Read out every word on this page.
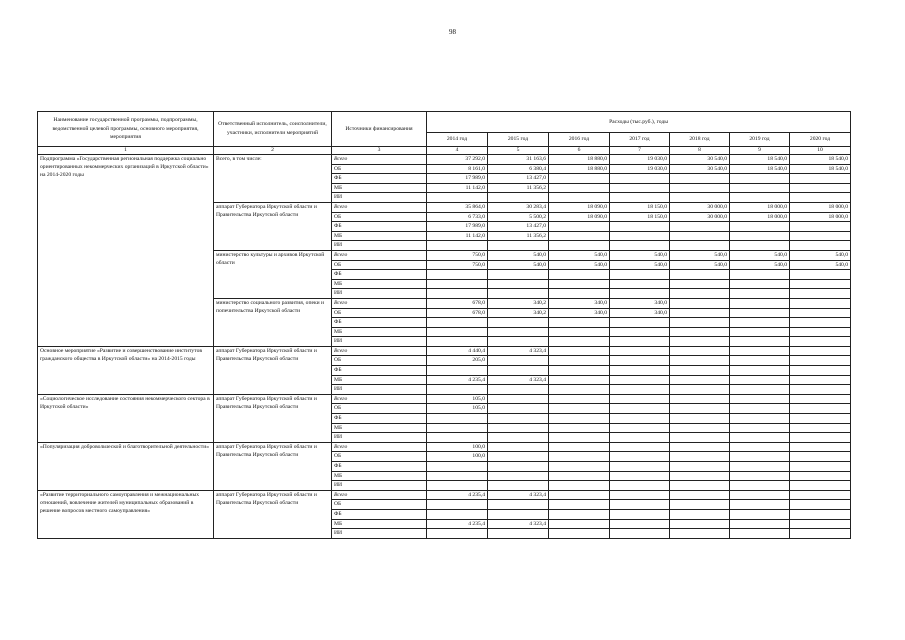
98
Наименование государственной программы, подпрограммы, ведомственной целевой программы, основного мероприятия, мероприятия	Ответственный исполнитель, соисполнители, участники, исполнители мероприятий	Источники финансирования	Расходы (тыс.руб.), годы						
			2014 год	2015 год	2016 год	2017 год	2018 год	2019 год	2020 год
1	2	3	4	5	6	7	8	9	10
Подпрограмма «Государственная региональная поддержка социально ориентированных некоммерческих организаций в Иркутской области» на 2014-2020 годы	Всего, в том числе:	Всего	37 292,0	31 163,6	18 880,0	19 030,0	30 540,0	18 540,0	18 540,0
		ОБ	8 161,0	6 380,4	18 880,0	19 030,0	30 540,0	18 540,0	18 540,0
		ФБ	17 989,0	13 427,0					
		МБ	11 142,0	11 356,2					
		ИИ							
	аппарат Губернатора Иркутской области и Правительства Иркутской области	Всего	35 864,0	30 283,4	18 090,0	18 150,0	30 000,0	18 000,0	18 000,0
		ОБ	6 733,0	5 500,2	18 090,0	18 150,0	30 000,0	18 000,0	18 000,0
		ФБ	17 989,0	13 427,0					
		МБ	11 142,0	11 356,2					
		ИИ							
	министерство культуры и архивов Иркутской области	Всего	750,0	540,0	540,0	540,0	540,0	540,0	540,0
		ОБ	750,0	540,0	540,0	540,0	540,0	540,0	540,0
		ФБ							
		МБ							
		ИИ							
	министерство социального развития, опеки и попечительства Иркутской области	Всего	678,0	340,2	340,0	340,0			
		ОБ	678,0	340,2	340,0	340,0			
		ФБ							
		МБ							
		ИИ							
Основное мероприятие «Развитие и совершенствование институтов гражданского общества в Иркутской области» на 2014-2015 годы	аппарат Губернатора Иркутской области и Правительства Иркутской области	Всего	4 440,4	4 323,4					
		ОБ	205,0						
		ФБ							
		МБ	4 235,4	4 323,4					
		ИИ							
«Социологическое исследование состояния некоммерческого сектора в Иркутской области»	аппарат Губернатора Иркутской области и Правительства Иркутской области	Всего	105,0						
		ОБ	105,0						
		ФБ							
		МБ							
		ИИ							
«Популяризация добровольческой и благотворительной деятельности»	аппарат Губернатора Иркутской области и Правительства Иркутской области	Всего	100,0						
		ОБ	100,0						
		ФБ							
		МБ							
		ИИ							
«Развитие территориального самоуправления и межнациональных отношений, вовлечение жителей муниципальных образований в решение вопросов местного самоуправления»	аппарат Губернатора Иркутской области и Правительства Иркутской области	Всего	4 235,4	4 323,4					
		ОБ							
		ФБ							
		МБ	4 235,4	4 323,4					
		ИИ							
